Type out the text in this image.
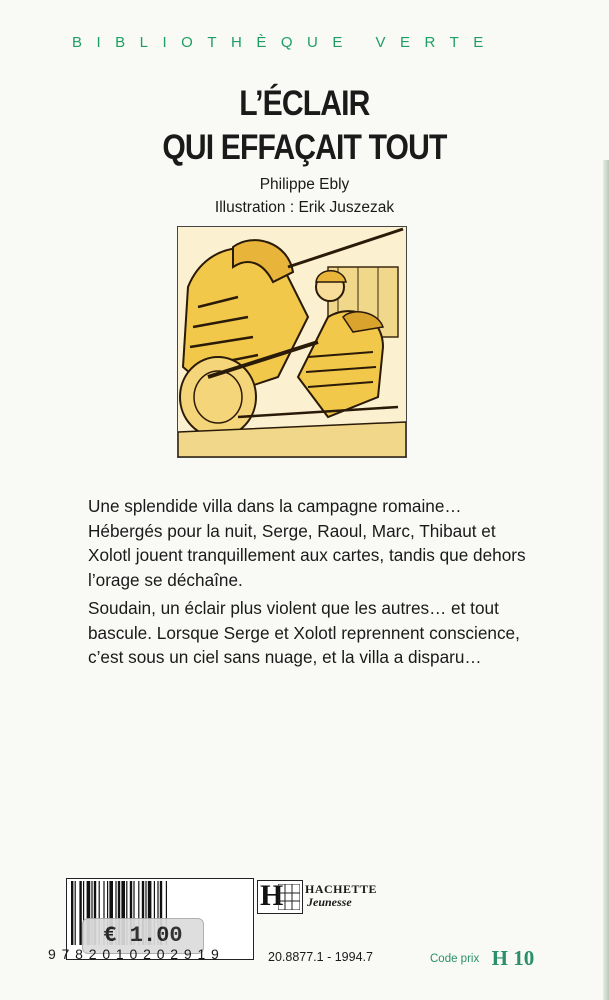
BIBLIOTHÈQUE VERTE
L’ÉCLAIR
QUI EFFAÇAIT TOUT
Philippe Ebly
Illustration : Erik Juszezak

Une splendide villa dans la campagne romaine… Hébergés pour la nuit, Serge, Raoul, Marc, Thibaut et Xolotl jouent tranquillement aux cartes, tandis que dehors l’orage se déchaîne.

Soudain, un éclair plus violent que les autres… et tout bascule. Lorsque Serge et Xolotl reprennent conscience, c’est sous un ciel sans nuage, et la villa a disparu…

€ 1.00
9782010202919
H HACHETTE
Jeunesse
20.8877.1 - 1994.7	Code prix H 10
